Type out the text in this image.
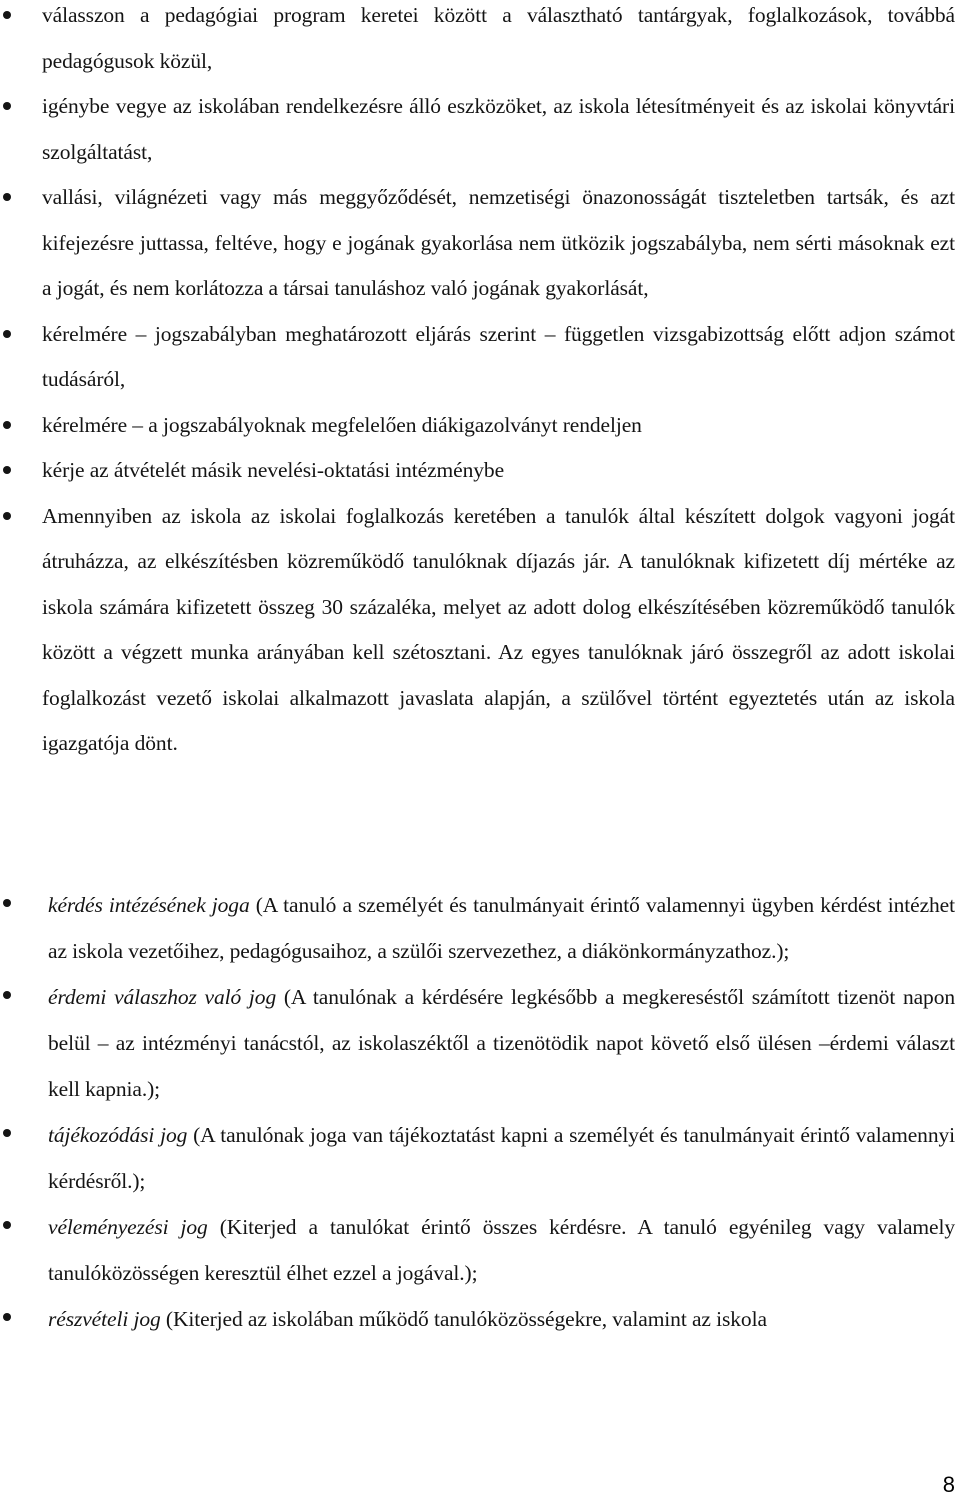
válasszon a pedagógiai program keretei között a választható tantárgyak, foglalkozások, továbbá pedagógusok közül,
igénybe vegye az iskolában rendelkezésre álló eszközöket, az iskola létesítményeit és az iskolai könyvtári szolgáltatást,
vallási, világnézeti vagy más meggyőződését, nemzetiségi önazonosságát tiszteletben tartsák, és azt kifejezésre juttassa, feltéve, hogy e jogának gyakorlása nem ütközik jogszabályba, nem sérti másoknak ezt a jogát, és nem korlátozza a társai tanuláshoz való jogának gyakorlását,
kérelmére – jogszabályban meghatározott eljárás szerint – független vizsgabizottság előtt adjon számot tudásáról,
kérelmére – a jogszabályoknak megfelelően diákigazolványt rendeljen
kérje az átvételét másik nevelési-oktatási intézménybe
Amennyiben az iskola az iskolai foglalkozás keretében a tanulók által készített dolgok vagyoni jogát átruházza, az elkészítésben közreműködő tanulóknak díjazás jár. A tanulóknak kifizetett díj mértéke az iskola számára kifizetett összeg 30 százaléka, melyet az adott dolog elkészítésében közreműködő tanulók között a végzett munka arányában kell szétosztani. Az egyes tanulóknak járó összegről az adott iskolai foglalkozást vezető iskolai alkalmazott javaslata alapján, a szülővel történt egyeztetés után az iskola igazgatója dönt.
kérdés intézésének joga (A tanuló a személyét és tanulmányait érintő valamennyi ügyben kérdést intézhet az iskola vezetőihez, pedagógusaihoz, a szülői szervezethez, a diákönkormányzathoz.);
érdemi válaszhoz való jog (A tanulónak a kérdésére legkésőbb a megkereséstől számított tizenöt napon belül – az intézményi tanácstól, az iskolaszéktől a tizenötödik napot követő első ülésen –érdemi választ kell kapnia.);
tájékozódási jog (A tanulónak joga van tájékoztatást kapni a személyét és tanulmányait érintő valamennyi kérdésről.);
véleményezési jog (Kiterjed a tanulókat érintő összes kérdésre. A tanuló egyénileg vagy valamely tanulóközösségen keresztül élhet ezzel a jogával.);
részvételi jog (Kiterjed az iskolában működő tanulóközösségekre, valamint az iskola
8
